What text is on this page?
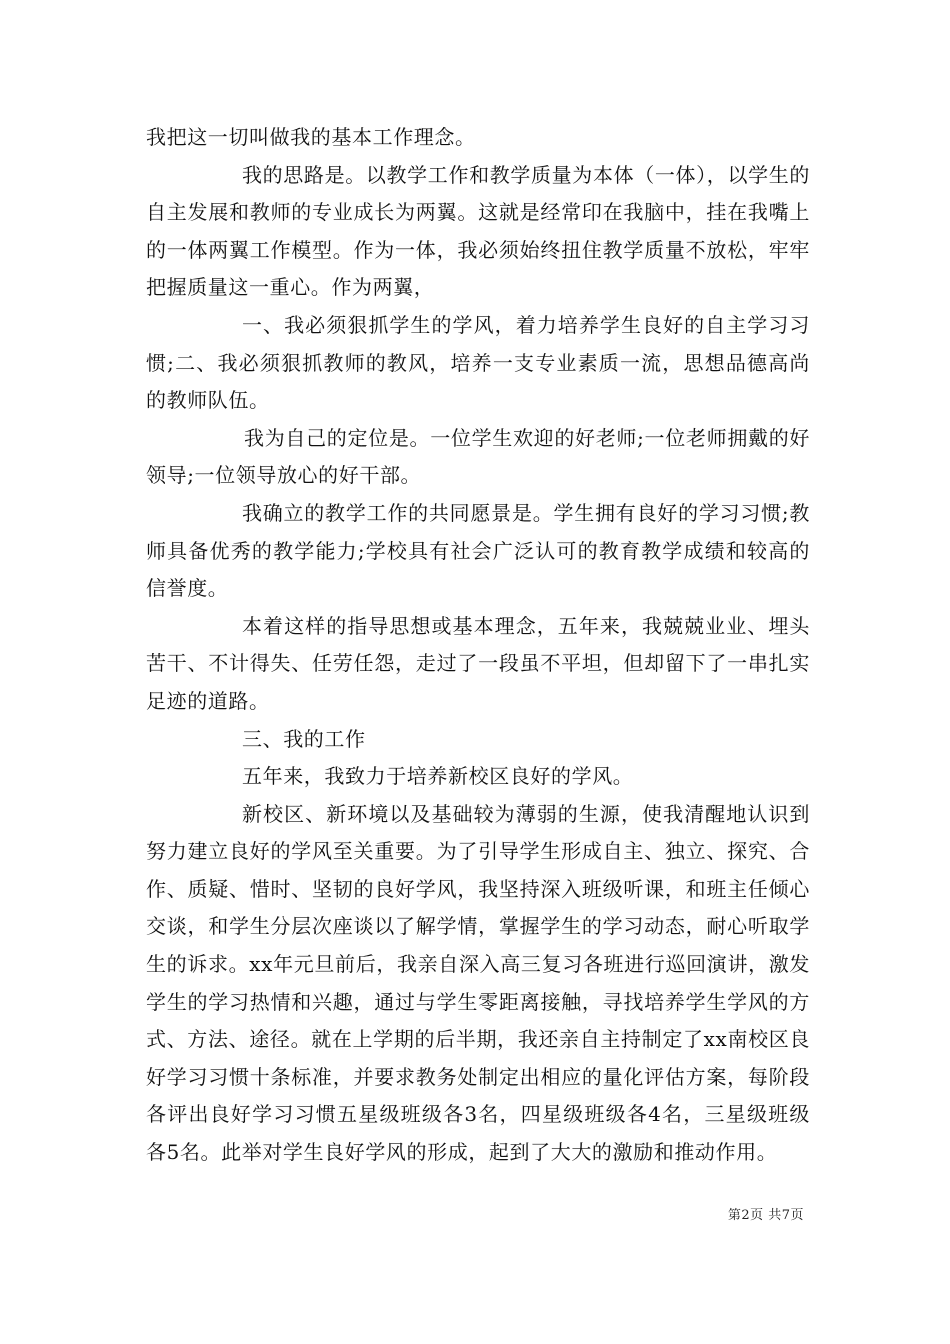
我把这一切叫做我的基本工作理念。

我的思路是。以教学工作和教学质量为本体（一体），以学生的自主发展和教师的专业成长为两翼。这就是经常印在我脑中，挂在我嘴上的一体两翼工作模型。作为一体，我必须始终扭住教学质量不放松，牢牢把握质量这一重心。作为两翼，

一、我必须狠抓学生的学风，着力培养学生良好的自主学习习惯;二、我必须狠抓教师的教风，培养一支专业素质一流，思想品德高尚的教师队伍。

我为自己的定位是。一位学生欢迎的好老师;一位老师拥戴的好领导;一位领导放心的好干部。

我确立的教学工作的共同愿景是。学生拥有良好的学习习惯;教师具备优秀的教学能力;学校具有社会广泛认可的教育教学成绩和较高的信誉度。

本着这样的指导思想或基本理念，五年来，我兢兢业业、埋头苦干、不计得失、任劳任怨，走过了一段虽不平坦，但却留下了一串扎实足迹的道路。

三、我的工作

五年来，我致力于培养新校区良好的学风。

新校区、新环境以及基础较为薄弱的生源，使我清醒地认识到努力建立良好的学风至关重要。为了引导学生形成自主、独立、探究、合作、质疑、惜时、坚韧的良好学风，我坚持深入班级听课，和班主任倾心交谈，和学生分层次座谈以了解学情，掌握学生的学习动态，耐心听取学生的诉求。xx年元旦前后，我亲自深入高三复习各班进行巡回演讲，激发学生的学习热情和兴趣，通过与学生零距离接触，寻找培养学生学风的方式、方法、途径。就在上学期的后半期，我还亲自主持制定了xx南校区良好学习习惯十条标准，并要求教务处制定出相应的量化评估方案，每阶段各评出良好学习习惯五星级班级各3名，四星级班级各4名，三星级班级各5名。此举对学生良好学风的形成，起到了大大的激励和推动作用。

第2页 共7页
